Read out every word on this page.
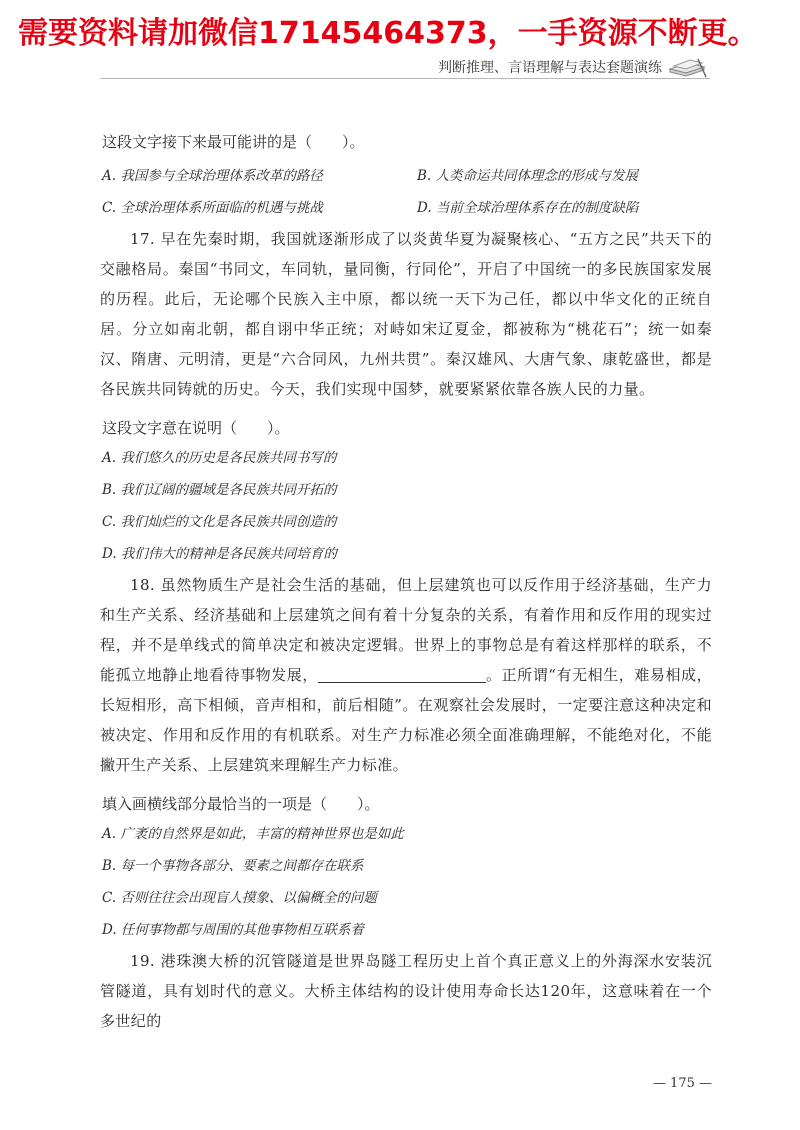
需要资料请加微信17145464373，一手资源不断更。
判断推理、言语理解与表达套题演练

这段文字接下来最可能讲的是（　　）。

A. 我国参与全球治理体系改革的路径	B. 人类命运共同体理念的形成与发展
C. 全球治理体系所面临的机遇与挑战	D. 当前全球治理体系存在的制度缺陷

17. 早在先秦时期，我国就逐渐形成了以炎黄华夏为凝聚核心、“五方之民”共天下的交融格局。秦国“书同文，车同轨，量同衡，行同伦”，开启了中国统一的多民族国家发展的历程。此后，无论哪个民族入主中原，都以统一天下为己任，都以中华文化的正统自居。分立如南北朝，都自诩中华正统；对峙如宋辽夏金，都被称为“桃花石”；统一如秦汉、隋唐、元明清，更是“六合同风，九州共贯”。秦汉雄风、大唐气象、康乾盛世，都是各民族共同铸就的历史。今天，我们实现中国梦，就要紧紧依靠各族人民的力量。

这段文字意在说明（　　）。

A. 我们悠久的历史是各民族共同书写的
B. 我们辽阔的疆域是各民族共同开拓的
C. 我们灿烂的文化是各民族共同创造的
D. 我们伟大的精神是各民族共同培育的

18. 虽然物质生产是社会生活的基础，但上层建筑也可以反作用于经济基础，生产力和生产关系、经济基础和上层建筑之间有着十分复杂的关系，有着作用和反作用的现实过程，并不是单线式的简单决定和被决定逻辑。世界上的事物总是有着这样那样的联系，不能孤立地静止地看待事物发展，	。正所谓“有无相生，难易相成，长短相形，高下相倾，音声相和，前后相随”。在观察社会发展时，一定要注意这种决定和被决定、作用和反作用的有机联系。对生产力标准必须全面准确理解，不能绝对化，不能撇开生产关系、上层建筑来理解生产力标准。

填入画横线部分最恰当的一项是（　　）。

A. 广袤的自然界是如此，丰富的精神世界也是如此
B. 每一个事物各部分、要素之间都存在联系
C. 否则往往会出现盲人摸象、以偏概全的问题
D. 任何事物都与周围的其他事物相互联系着

19. 港珠澳大桥的沉管隧道是世界岛隧工程历史上首个真正意义上的外海深水安装沉管隧道，具有划时代的意义。大桥主体结构的设计使用寿命长达120年，这意味着在一个多世纪的

— 175 —
